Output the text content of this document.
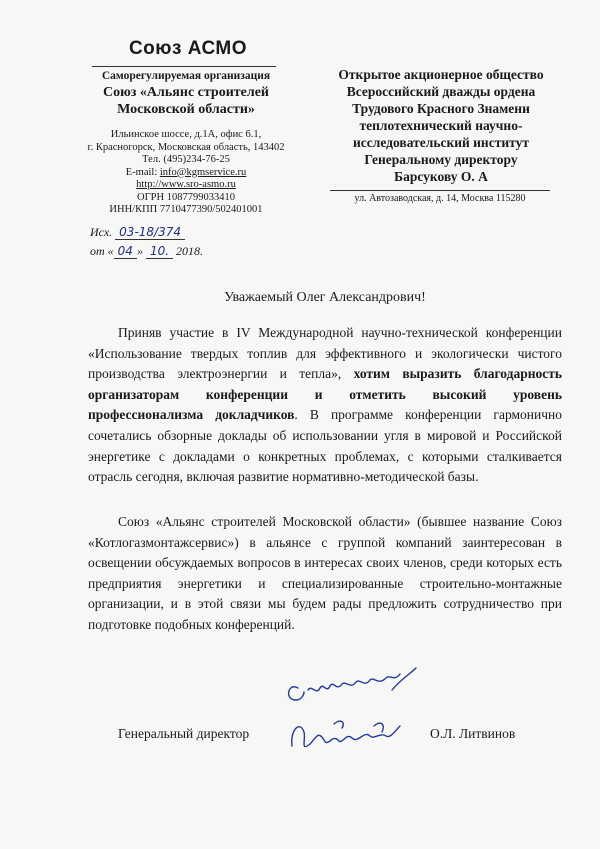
Союз АСМО
Саморегулируемая организация
Союз «Альянс строителей
Московской области»
Ильинское шоссе, д.1А, офис 6.1,
г. Красногорск, Московская область, 143402
Тел. (495)234-76-25
E-mail: info@kgmservice.ru
http://www.sro-asmo.ru
ОГРН 1087799033410
ИНН/КПП 7710477390/502401001
Исх. 03-18/374
от « 04 » 10. 2018.
Открытое акционерное общество
Всероссийский дважды ордена
Трудового Красного Знамени
теплотехнический научно-
исследовательский институт
Генеральному директору
Барсукову О. А
ул. Автозаводская, д. 14, Москва 115280
Уважаемый Олег Александрович!

Приняв участие в IV Международной научно-технической конференции «Использование твердых топлив для эффективного и экологически чистого производства электроэнергии и тепла», хотим выразить благодарность организаторам конференции и отметить высокий уровень профессионализма докладчиков. В программе конференции гармонично сочетались обзорные доклады об использовании угля в мировой и Российской энергетике с докладами о конкретных проблемах, с которыми сталкивается отрасль сегодня, включая развитие нормативно-методической базы.

Союз «Альянс строителей Московской области» (бывшее название Союз «Котлогазмонтажсервис») в альянсе с группой компаний заинтересован в освещении обсуждаемых вопросов в интересах своих членов, среди которых есть предприятия энергетики и специализированные строительно-монтажные организации, и в этой связи мы будем рады предложить сотрудничество при подготовке подобных конференций.

Генеральный директор	О.Л. Литвинов
